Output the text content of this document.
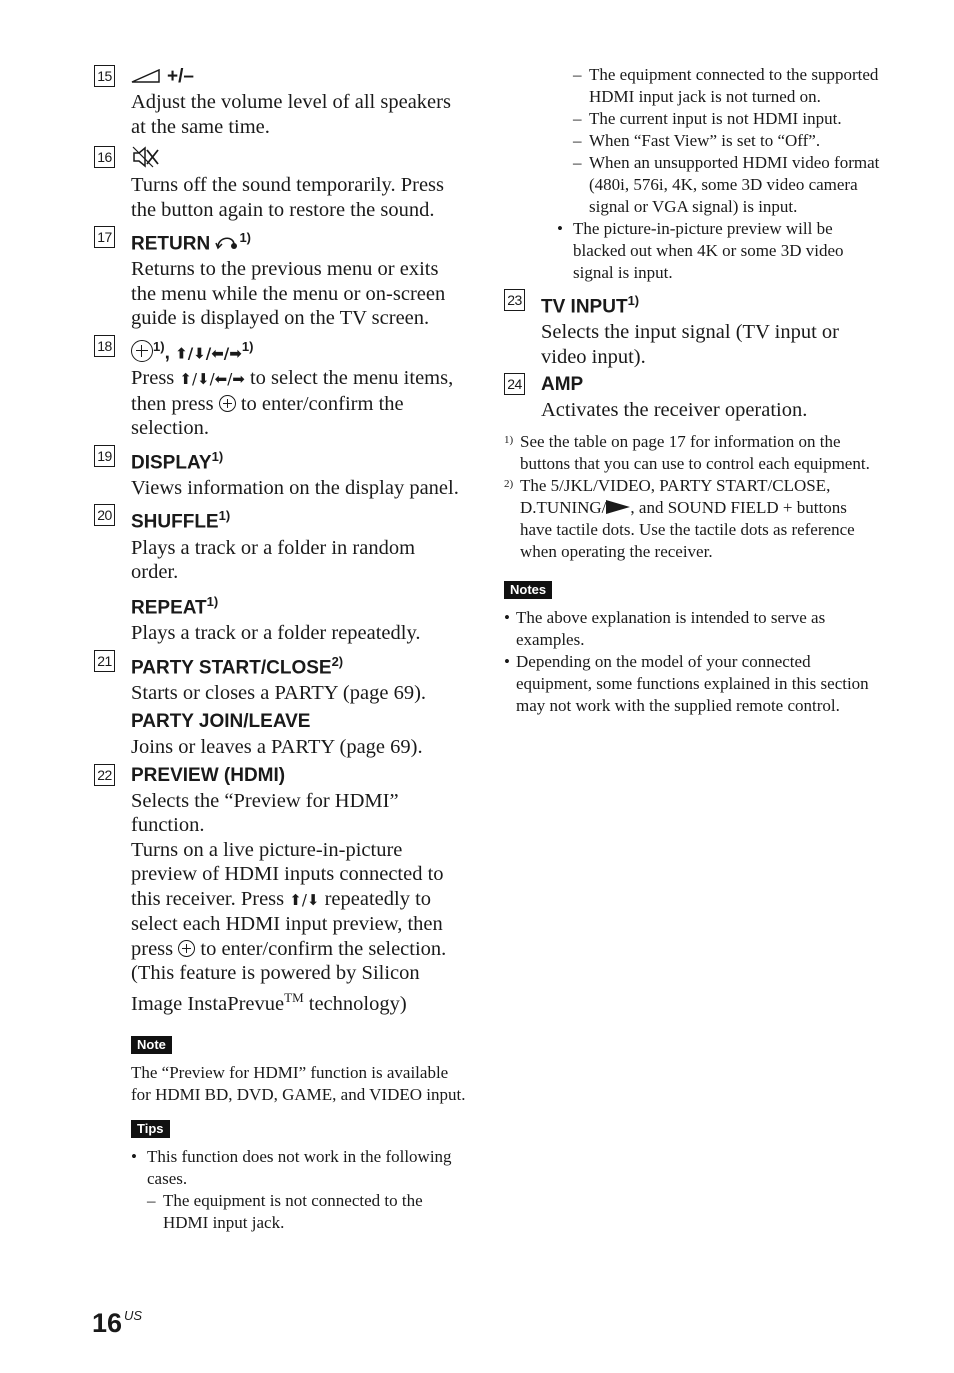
15	+/–
Adjust the volume level of all speakers at the same time.
16
Turns off the sound temporarily. Press the button again to restore the sound.
17 RETURN $^{1)}$
Returns to the previous menu or exits the menu while the menu or on-screen guide is displayed on the TV screen.
18	$^{1)}$, ⬆/⬇/⬅/➡$^{1)}$
Press ⬆/⬇/⬅/➡ to select the menu items, then press  to enter/confirm the selection.
19 DISPLAY$^{1)}$
Views information on the display panel.
20 SHUFFLE$^{1)}$
Plays a track or a folder in random order.
REPEAT$^{1)}$
Plays a track or a folder repeatedly.
21 PARTY START/CLOSE$^{2)}$
Starts or closes a PARTY (page 69).
PARTY JOIN/LEAVE
Joins or leaves a PARTY (page 69).
22 PREVIEW (HDMI)
Selects the “Preview for HDMI” function.
Turns on a live picture-in-picture preview of HDMI inputs connected to this receiver. Press ⬆/⬇ repeatedly to select each HDMI input preview, then press  to enter/confirm the selection. (This feature is powered by Silicon Image InstaPrevue™ technology)
Note
The “Preview for HDMI” function is available for HDMI BD, DVD, GAME, and VIDEO input.
Tips
• This function does not work in the following cases.
– The equipment is not connected to the HDMI input jack.
– The equipment connected to the supported HDMI input jack is not turned on.
– The current input is not HDMI input.
– When “Fast View” is set to “Off”.
– When an unsupported HDMI video format (480i, 576i, 4K, some 3D video camera signal or VGA signal) is input.
• The picture-in-picture preview will be blacked out when 4K or some 3D video signal is input.
23 TV INPUT$^{1)}$
Selects the input signal (TV input or video input).
24 AMP
Activates the receiver operation.
1) See the table on page 17 for information on the buttons that you can use to control each equipment.
2) The 5/JKL/VIDEO, PARTY START/CLOSE, D.TUNING/ , and SOUND FIELD + buttons have tactile dots. Use the tactile dots as reference when operating the receiver.
Notes
• The above explanation is intended to serve as examples.
• Depending on the model of your connected equipment, some functions explained in this section may not work with the supplied remote control.
16 $^{US}$
